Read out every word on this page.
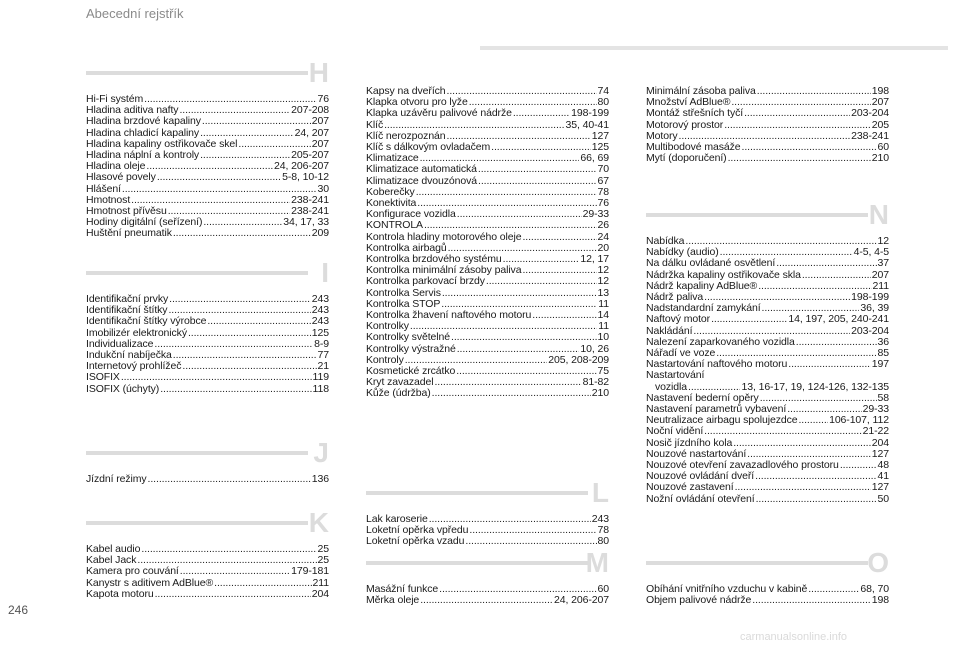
Abecední rejstřík
H
Hi-Fi systém .....	76
Hladina aditiva nafty .....	207-208
Hladina brzdové kapaliny .....	207
Hladina chladicí kapaliny .....	24, 207
Hladina kapaliny ostřikovače skel .....	207
Hladina náplní a kontroly .....	205-207
Hladina oleje .....	24, 206-207
Hlasové povely .....	5-8, 10-12
Hlášení .....	30
Hmotnost .....	238-241
Hmotnost přívěsu .....	238-241
Hodiny digitální (seřízení) .....	34, 17, 33
Huštění pneumatik .....	209
I
Identifikační prvky .....	243
Identifikační štítky .....	243
Identifikační štítky výrobce .....	243
Imobilizér elektronický .....	125
Individualizace .....	8-9
Indukční nabíječka .....	77
Internetový prohlížeč .....	21
ISOFIX .....	119
ISOFIX (úchyty) .....	118
J
Jízdní režimy .....	136
K
Kabel audio .....	25
Kabel Jack .....	25
Kamera pro couvání .....	179-181
Kanystr s aditivem AdBlue® .....	211
Kapota motoru .....	204
Kapsy na dveřích .....	74
Klapka otvoru pro lyže .....	80
Klapka uzávěru palivové nádrže .....	198-199
Klíč .....	35, 40-41
Klíč nerozpoznán .....	127
Klíč s dálkovým ovladačem .....	125
Klimatizace .....	66, 69
Klimatizace automatická .....	70
Klimatizace dvouzónová .....	67
Koberečky .....	78
Konektivita .....	76
Konfigurace vozidla .....	29-33
KONTROLA .....	26
Kontrola hladiny motorového oleje .....	24
Kontrolka airbagů .....	20
Kontrolka brzdového systému .....	12, 17
Kontrolka minimální zásoby paliva .....	12
Kontrolka parkovací brzdy .....	12
Kontrolka Servis .....	13
Kontrolka STOP .....	11
Kontrolka žhavení naftového motoru .....	14
Kontrolky .....	11
Kontrolky světelné .....	10
Kontrolky výstražné .....	10, 26
Kontroly .....	205, 208-209
Kosmetické zrcátko .....	75
Kryt zavazadel .....	81-82
Kůže (údržba) .....	210
L
Lak karoserie .....	243
Loketní opěrka vpředu .....	78
Loketní opěrka vzadu .....	80
M
Masážní funkce .....	60
Měrka oleje .....	24, 206-207
Minimální zásoba paliva .....	198
Množství AdBlue® .....	207
Montáž střešních tyčí .....	203-204
Motorový prostor .....	205
Motory .....	238-241
Multibodové masáže .....	60
Mytí (doporučení) .....	210
N
Nabídka .....	12
Nabídky (audio) .....	4-5, 4-5
Na dálku ovládané osvětlení .....	37
Nádržka kapaliny ostřikovače skla .....	207
Nádrž kapaliny AdBlue® .....	211
Nádrž paliva .....	198-199
Nadstandardní zamykání .....	36, 39
Naftový motor .....	14, 197, 205, 240-241
Nakládání .....	203-204
Nalezení zaparkovaného vozidla .....	36
Nářadí ve voze .....	85
Nastartování naftového motoru .....	197
Nastartování
vozidla .....	13, 16-17, 19, 124-126, 132-135
Nastavení bederní opěry .....	58
Nastavení parametrů vybavení .....	29-33
Neutralizace airbagu spolujezdce .....	106-107, 112
Noční vidění .....	21-22
Nosič jízdního kola .....	204
Nouzové nastartování .....	127
Nouzové otevření zavazadlového prostoru .....	48
Nouzové ovládání dveří .....	41
Nouzové zastavení .....	127
Nožní ovládání otevření .....	50
O
Obíhání vnitřního vzduchu v kabině .....	68, 70
Objem palivové nádrže .....	198
246
carmanualsonline.info
